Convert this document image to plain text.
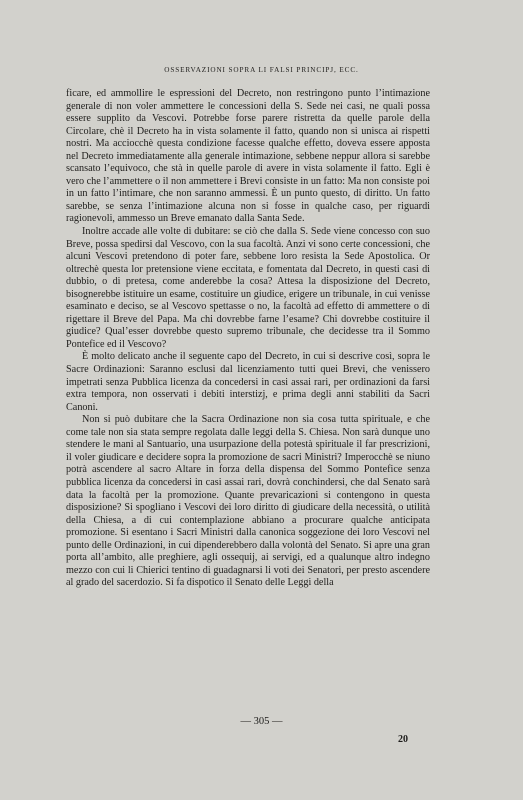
OSSERVAZIONI SOPRA LI FALSI PRINCIPJ, ECC.

ficare, ed ammollire le espressioni del Decreto, non restringono punto l’intimazione generale di non voler ammettere le concessioni della S. Sede nei casi, ne quali possa essere supplito da Vescovi. Potrebbe forse parere ristretta da quelle parole della Circolare, chè il Decreto ha in vista solamente il fatto, quando non si unisca ai rispetti nostri. Ma acciocchè questa condizione facesse qualche effetto, doveva essere apposta nel Decreto immediatamente alla generale intimazione, sebbene neppur allora si sarebbe scansato l’equivoco, che stà in quelle parole di avere in vista solamente il fatto. Egli è vero che l’ammettere o il non ammettere i Brevi consiste in un fatto: Ma non consiste poi in un fatto l’intimare, che non saranno ammessi. È un punto questo, di diritto. Un fatto sarebbe, se senza l’intimazione alcuna non si fosse in qualche caso, per riguardi ragionevoli, ammesso un Breve emanato dalla Santa Sede.

Inoltre accade alle volte di dubitare: se ciò che dalla S. Sede viene concesso con suo Breve, possa spedirsi dal Vescovo, con la sua facoltà. Anzi vi sono certe concessioni, che alcuni Vescovi pretendono di poter fare, sebbene loro resista la Sede Apostolica. Or oltrechè questa lor pretensione viene eccitata, e fomentata dal Decreto, in questi casi di dubbio, o di pretesa, come anderebbe la cosa? Attesa la disposizione del Decreto, bisognerebbe istituire un esame, costituire un giudice, erigere un tribunale, in cui venisse esaminato e deciso, se al Vescovo spettasse o no, la facoltà ad effetto di ammettere o di rigettare il Breve del Papa. Ma chi dovrebbe farne l’esame? Chi dovrebbe costituire il giudice? Qual’esser dovrebbe questo supremo tribunale, che decidesse tra il Sommo Pontefice ed il Vescovo?

È molto delicato anche il seguente capo del Decreto, in cui si descrive così, sopra le Sacre Ordinazioni: Saranno esclusi dal licenziamento tutti quei Brevi, che venissero impetrati senza Pubblica licenza da concedersi in casi assai rari, per ordinazioni da farsi extra tempora, non osservati i debiti interstizj, e prima degli anni stabiliti da Sacri Canoni.

Non si può dubitare che la Sacra Ordinazione non sia cosa tutta spirituale, e che come tale non sia stata sempre regolata dalle leggi della S. Chiesa. Non sarà dunque uno stendere le mani al Santuario, una usurpazione della potestà spirituale il far prescrizioni, il voler giudicare e decidere sopra la promozione de sacri Ministri? Imperocchè se niuno potrà ascendere al sacro Altare in forza della dispensa del Sommo Pontefice senza pubblica licenza da concedersi in casi assai rari, dovrà conchindersi, che dal Senato sarà data la facoltà per la promozione. Quante prevaricazioni si contengono in questa disposizione? Si spogliano i Vescovi dei loro diritto di giudicare della necessità, o utilità della Chiesa, a di cui contemplazione abbiano a procurare qualche anticipata promozione. Si esentano i Sacri Ministri dalla canonica soggezione dei loro Vescovi nel punto delle Ordinazioni, in cui dipenderebbero dalla volontà del Senato. Si apre una gran porta all’ambito, alle preghiere, agli ossequij, ai servigi, ed a qualunque altro indegno mezzo con cui li Chierici tentino di guadagnarsi li voti dei Senatori, per presto ascendere al grado del sacerdozio. Si fa dispotico il Senato delle Leggi della

— 305 —
20
